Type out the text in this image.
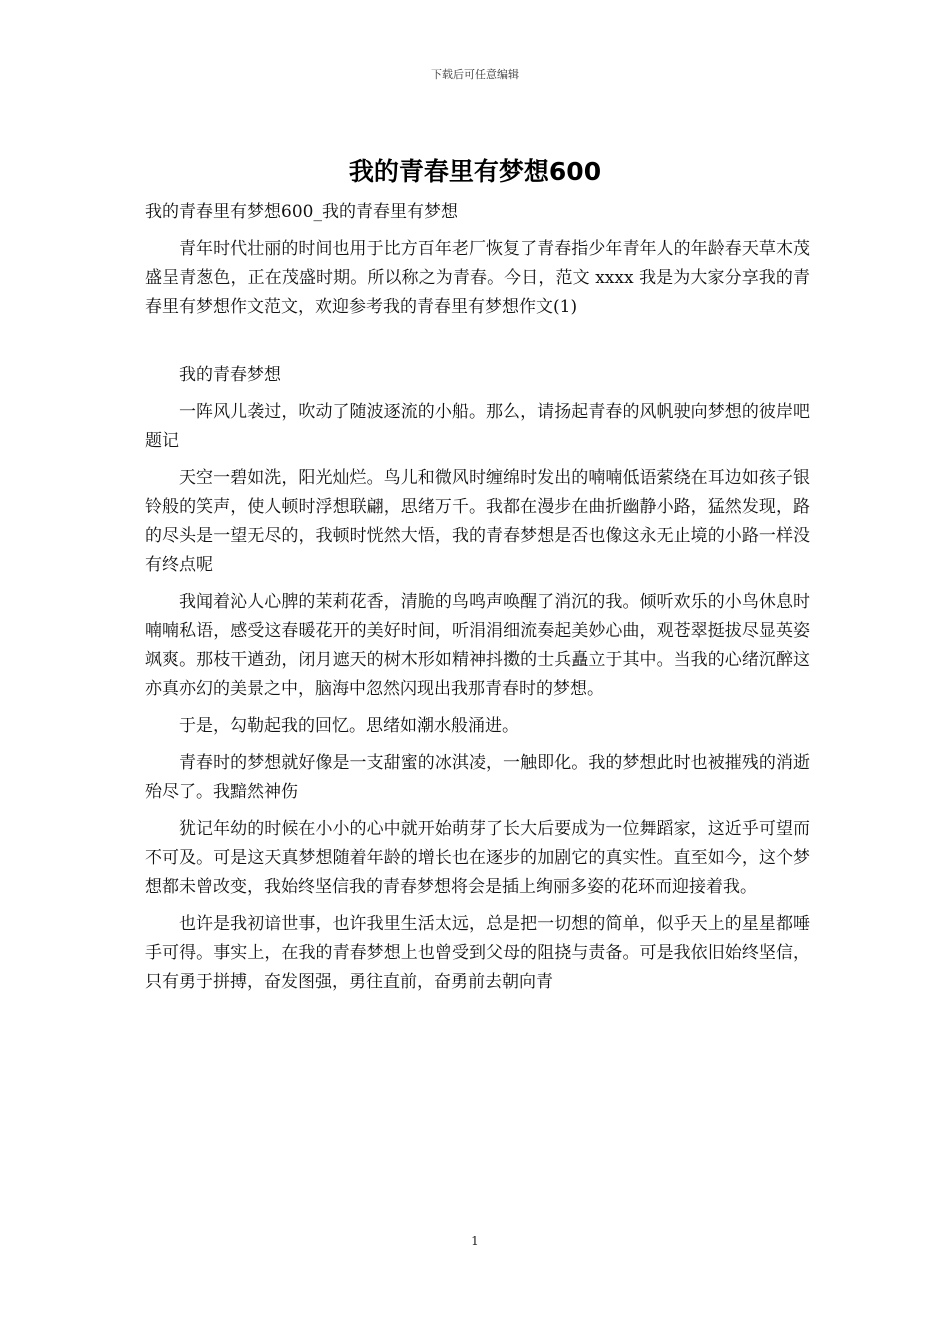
下载后可任意编辑
我的青春里有梦想600

我的青春里有梦想600_我的青春里有梦想

青年时代壮丽的时间也用于比方百年老厂恢复了青春指少年青年人的年龄春天草木茂盛呈青葱色，正在茂盛时期。所以称之为青春。今日，范文 xxxx 我是为大家分享我的青春里有梦想作文范文，欢迎参考我的青春里有梦想作文(1)

我的青春梦想

一阵风儿袭过，吹动了随波逐流的小船。那么，请扬起青春的风帆驶向梦想的彼岸吧题记

天空一碧如洗，阳光灿烂。鸟儿和微风时缠绵时发出的喃喃低语萦绕在耳边如孩子银铃般的笑声，使人顿时浮想联翩，思绪万千。我都在漫步在曲折幽静小路，猛然发现，路的尽头是一望无尽的，我顿时恍然大悟，我的青春梦想是否也像这永无止境的小路一样没有终点呢

我闻着沁人心脾的茉莉花香，清脆的鸟鸣声唤醒了消沉的我。倾听欢乐的小鸟休息时喃喃私语，感受这春暖花开的美好时间，听涓涓细流奏起美妙心曲，观苍翠挺拔尽显英姿飒爽。那枝干遒劲，闭月遮天的树木形如精神抖擞的士兵矗立于其中。当我的心绪沉醉这亦真亦幻的美景之中，脑海中忽然闪现出我那青春时的梦想。

于是，勾勒起我的回忆。思绪如潮水般涌进。

青春时的梦想就好像是一支甜蜜的冰淇凌，一触即化。我的梦想此时也被摧残的消逝殆尽了。我黯然神伤

犹记年幼的时候在小小的心中就开始萌芽了长大后要成为一位舞蹈家，这近乎可望而不可及。可是这天真梦想随着年龄的增长也在逐步的加剧它的真实性。直至如今，这个梦想都未曾改变，我始终坚信我的青春梦想将会是插上绚丽多姿的花环而迎接着我。

也许是我初谙世事，也许我里生活太远，总是把一切想的简单，似乎天上的星星都唾手可得。事实上，在我的青春梦想上也曾受到父母的阻挠与责备。可是我依旧始终坚信，只有勇于拼搏，奋发图强，勇往直前，奋勇前去朝向青

1
